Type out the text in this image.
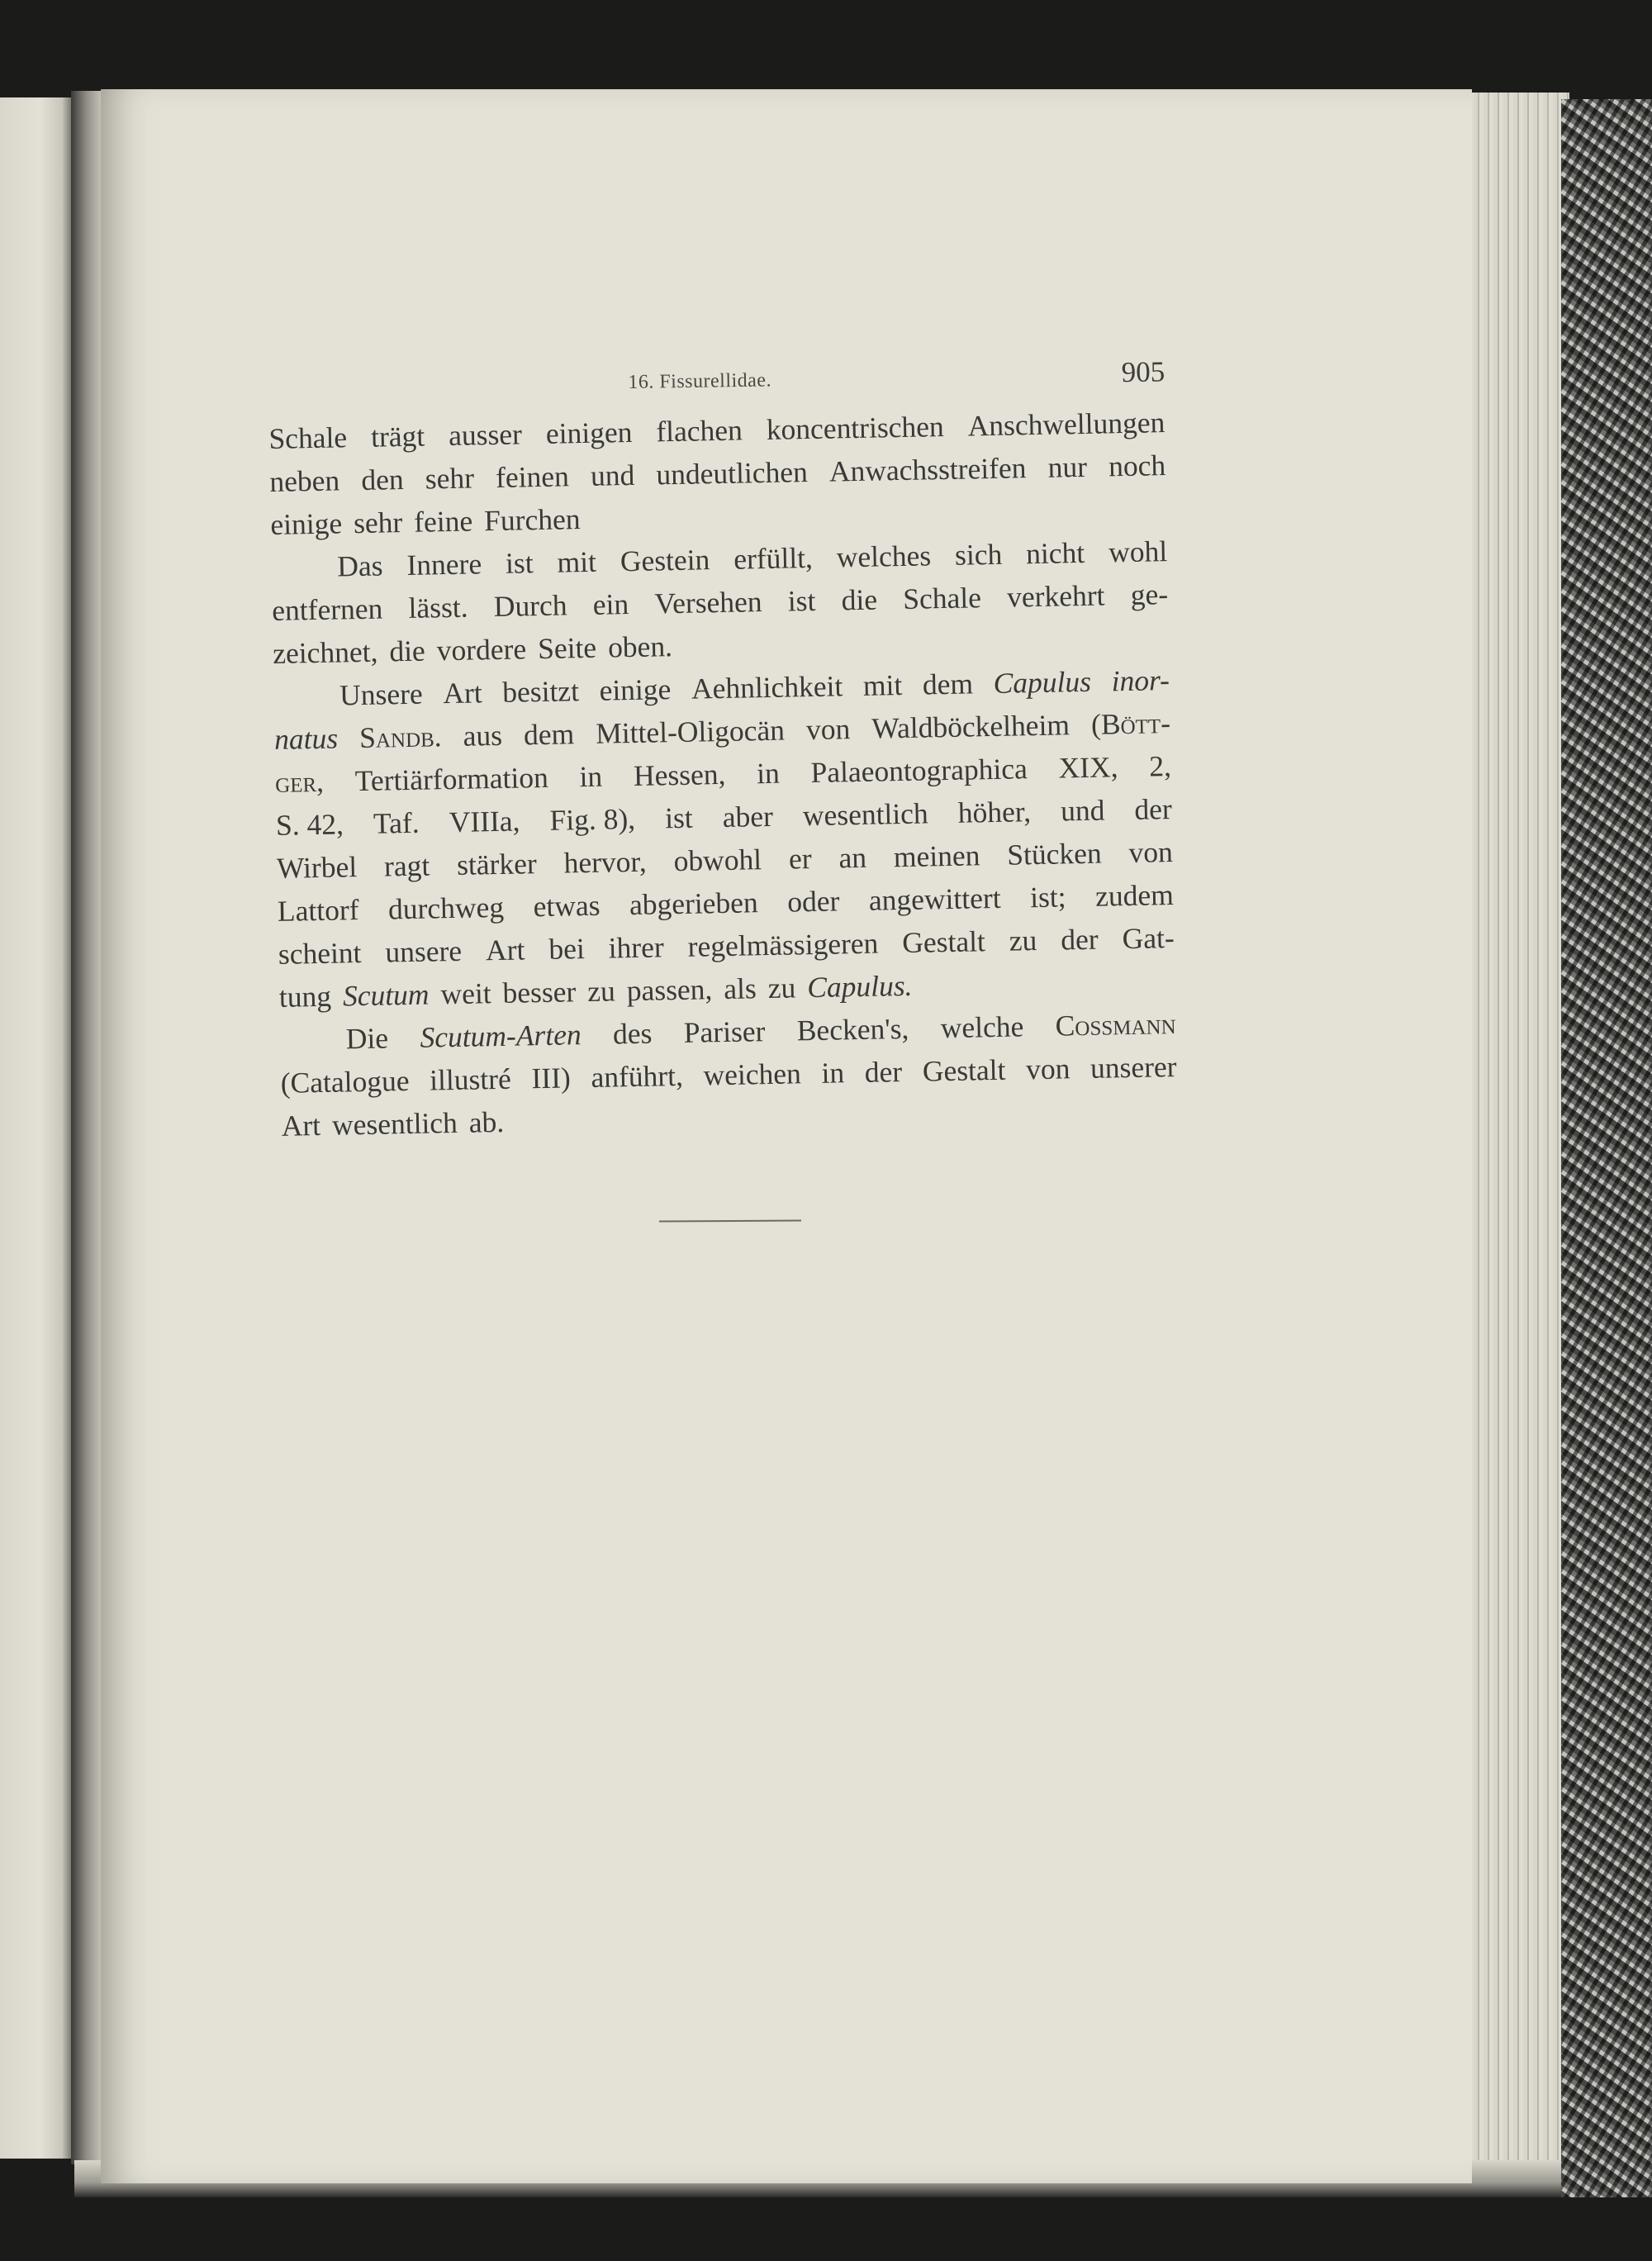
16. Fissurellidae.	905
Schale trägt ausser einigen flachen koncentrischen Anschwellungen
neben den sehr feinen und undeutlichen Anwachsstreifen nur noch
einige sehr feine Furchen
Das Innere ist mit Gestein erfüllt, welches sich nicht wohl
entfernen lässt. Durch ein Versehen ist die Schale verkehrt ge-
zeichnet, die vordere Seite oben.
Unsere Art besitzt einige Aehnlichkeit mit dem Capulus inor-
natus Sandb. aus dem Mittel-Oligocän von Waldböckelheim (Bött-
ger, Tertiärformation in Hessen, in Palaeontographica XIX, 2,
S. 42, Taf. VIIIa, Fig. 8), ist aber wesentlich höher, und der
Wirbel ragt stärker hervor, obwohl er an meinen Stücken von
Lattorf durchweg etwas abgerieben oder angewittert ist; zudem
scheint unsere Art bei ihrer regelmässigeren Gestalt zu der Gat-
tung Scutum weit besser zu passen, als zu Capulus.
Die Scutum-Arten des Pariser Becken's, welche Cossmann
(Catalogue illustré III) anführt, weichen in der Gestalt von unserer
Art wesentlich ab.
